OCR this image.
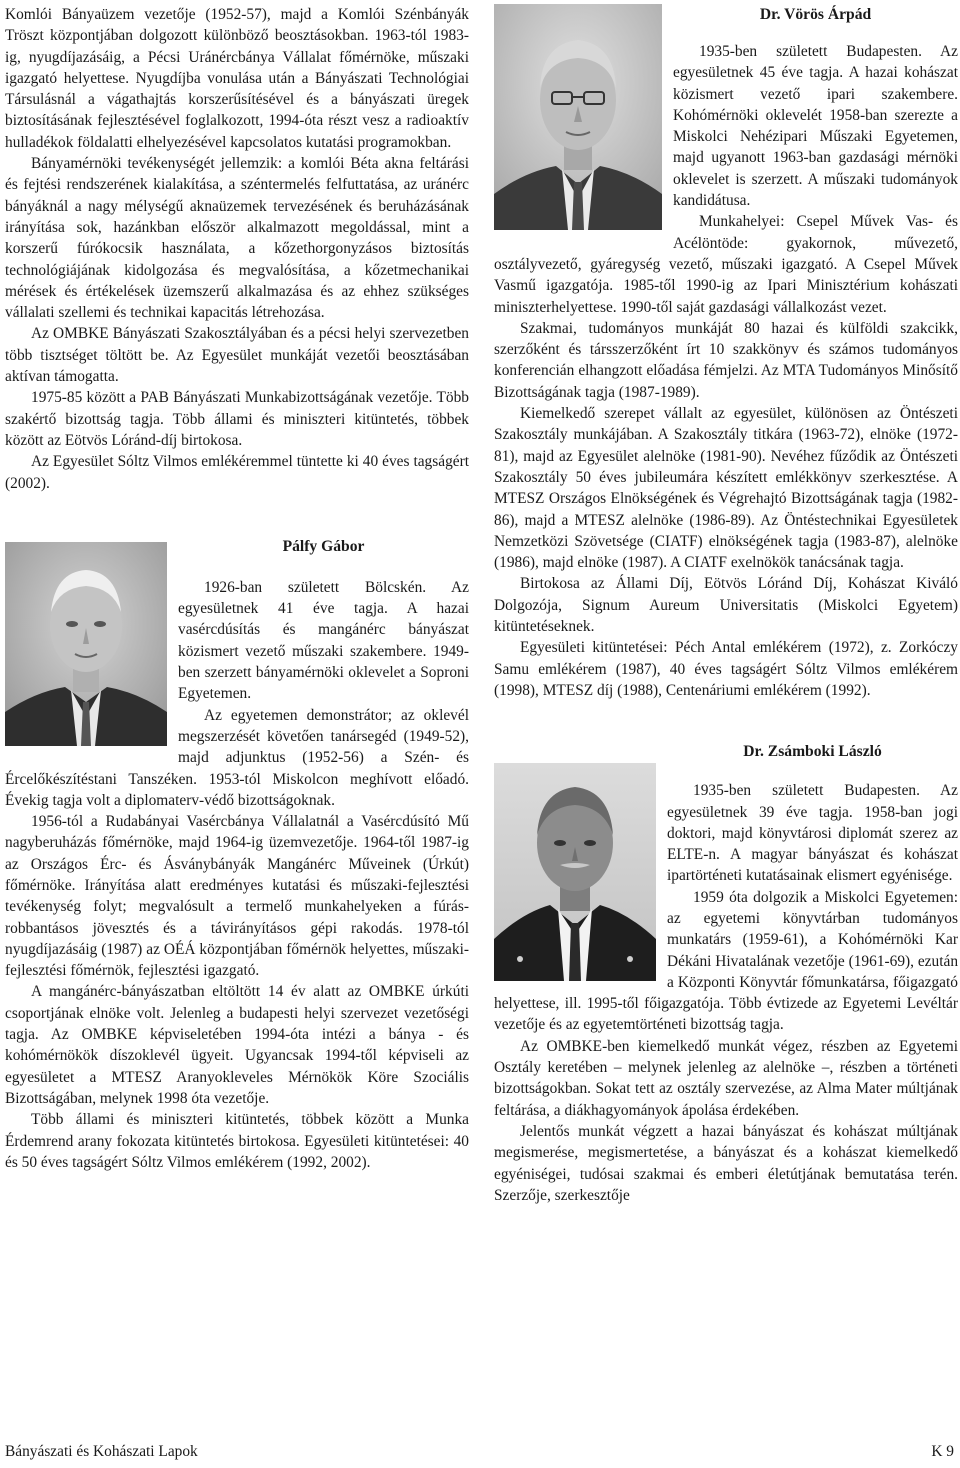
Komlói Bányaüzem vezetője (1952-57), majd a Komlói Szénbányák Tröszt központjában dolgozott különböző beosztásokban. 1963-tól 1983-ig, nyugdíjazásáig, a Pécsi Uránércbánya Vállalat főmérnöke, műszaki igazgató helyettese. Nyugdíjba vonulása után a Bányászati Technológiai Társulásnál a vágathajtás korszerűsítésével és a bányászati üregek biztosításának fejlesztésével foglalkozott, 1994-óta részt vesz a radioaktív hulladékok földalatti elhelyezésével kapcsolatos kutatási programokban.

Bányamérnöki tevékenységét jellemzik: a komlói Béta akna feltárási és fejtési rendszerének kialakítása, a széntermelés felfuttatása, az uránérc bányáknál a nagy mélységű aknaüzemek tervezésének és beruházásának irányítása sok, hazánkban először alkalmazott megoldással, mint a korszerű fúrókocsik használata, a kőzethorgonyzásos biztosítás technológiájának kidolgozása és megvalósítása, a kőzetmechanikai mérések és értékelések üzemszerű alkalmazása és az ehhez szükséges vállalati szellemi és technikai kapacitás létrehozása.

Az OMBKE Bányászati Szakosztályában és a pécsi helyi szervezetben több tisztséget töltött be. Az Egyesület munkáját vezetői beosztásában aktívan támogatta.

1975-85 között a PAB Bányászati Munkabizottságának vezetője. Több szakértő bizottság tagja. Több állami és miniszteri kitüntetés, többek között az Eötvös Lóránd-díj birtokosa.

Az Egyesület Sóltz Vilmos emlékéremmel tüntette ki 40 éves tagságért (2002).

Pálfy Gábor

1926-ban született Bölcskén. Az egyesületnek 41 éve tagja. A hazai vasércdúsítás és mangánérc bányászat közismert vezető műszaki szakembere. 1949-ben szerzett bányamérnöki oklevelet a Soproni Egyetemen.

Az egyetemen demonstrátor; az oklevél megszerzését követően tanársegéd (1949-52), majd adjunktus (1952-56) a Szén- és Ércelőkészítéstani Tanszéken. 1953-tól Miskolcon meghívott előadó. Évekig tagja volt a diplomaterv-védő bizottságoknak.

1956-tól a Rudabányai Vasércbánya Vállalatnál a Vasércdúsító Mű nagyberuházás főmérnöke, majd 1964-ig üzemvezetője. 1964-től 1987-ig az Országos Érc- és Ásványbányák Mangánérc Műveinek (Úrkút) főmérnöke. Irányítása alatt eredményes kutatási és műszaki-fejlesztési tevékenység folyt; megvalósult a termelő munkahelyeken a fúrás-robbantásos jövesztés és a távirányításos gépi rakodás. 1978-tól nyugdíjazásáig (1987) az OÉÁ központjában főmérnök helyettes, műszaki-fejlesztési főmérnök, fejlesztési igazgató.

A mangánérc-bányászatban eltöltött 14 év alatt az OMBKE úrkúti csoportjának elnöke volt. Jelenleg a budapesti helyi szervezet vezetőségi tagja. Az OMBKE képviseletében 1994-óta intézi a bánya - és kohómérnökök díszoklevél ügyeit. Ugyancsak 1994-től képviseli az egyesületet a MTESZ Aranyokleveles Mérnökök Köre Szociális Bizottságában, melynek 1998 óta vezetője.

Több állami és miniszteri kitüntetés, többek között a Munka Érdemrend arany fokozata kitüntetés birtokosa. Egyesületi kitüntetései: 40 és 50 éves tagságért Sóltz Vilmos emlékérem (1992, 2002).

Dr. Vörös Árpád

1935-ben született Budapesten. Az egyesületnek 45 éve tagja. A hazai kohászat közismert vezető ipari szakembere. Kohómérnöki oklevelét 1958-ban szerezte a Miskolci Nehézipari Műszaki Egyetemen, majd ugyanott 1963-ban gazdasági mérnöki oklevelet is szerzett. A műszaki tudományok kandidátusa.

Munkahelyei: Csepel Művek Vas- és Acélöntöde: gyakornok, művezető, osztályvezető, gyáregység vezető, műszaki igazgató. A Csepel Művek Vasmű igazgatója. 1985-től 1990-ig az Ipari Minisztérium kohászati miniszterhelyettese. 1990-től saját gazdasági vállalkozást vezet.

Szakmai, tudományos munkáját 80 hazai és külföldi szakcikk, szerzőként és társszerzőként írt 10 szakkönyv és számos tudományos konferencián elhangzott előadása fémjelzi. Az MTA Tudományos Minősítő Bizottságának tagja (1987-1989).

Kiemelkedő szerepet vállalt az egyesület, különösen az Öntészeti Szakosztály munkájában. A Szakosztály titkára (1963-72), elnöke (1972-81), majd az Egyesület alelnöke (1981-90). Nevéhez fűződik az Öntészeti Szakosztály 50 éves jubileumára készített emlékkönyv szerkesztése. A MTESZ Országos Elnökségének és Végrehajtó Bizottságának tagja (1982-86), majd a MTESZ alelnöke (1986-89). Az Öntéstechnikai Egyesületek Nemzetközi Szövetsége (CIATF) elnökségének tagja (1983-87), alelnöke (1986), majd elnöke (1987). A CIATF exelnökök tanácsának tagja.

Birtokosa az Állami Díj, Eötvös Lóránd Díj, Kohászat Kiváló Dolgozója, Signum Aureum Universitatis (Miskolci Egyetem) kitüntetéseknek.

Egyesületi kitüntetései: Péch Antal emlékérem (1972), z. Zorkóczy Samu emlékérem (1987), 40 éves tagságért Sóltz Vilmos emlékérem (1998), MTESZ díj (1988), Centenáriumi emlékérem (1992).

Dr. Zsámboki László

1935-ben született Budapesten. Az egyesületnek 39 éve tagja. 1958-ban jogi doktori, majd könyvtárosi diplomát szerez az ELTE-n. A magyar bányászat és kohászat ipartörténeti kutatásainak elismert egyénisége.

1959 óta dolgozik a Miskolci Egyetemen: az egyetemi könyvtárban tudományos munkatárs (1959-61), a Kohómérnöki Kar Dékáni Hivatalának vezetője (1961-69), ezután a Központi Könyvtár főmunkatársa, főigazgató helyettese, ill. 1995-től főigazgatója. Több évtizede az Egyetemi Levéltár vezetője és az egyetemtörténeti bizottság tagja.

Az OMBKE-ben kiemelkedő munkát végez, részben az Egyetemi Osztály keretében – melynek jelenleg az alelnöke –, részben a történeti bizottságokban. Sokat tett az osztály szervezése, az Alma Mater múltjának feltárása, a diákhagyományok ápolása érdekében.

Jelentős munkát végzett a hazai bányászat és kohászat múltjának megismerése, megismertetése, a bányászat és a kohászat kiemelkedő egyéniségei, tudósai szakmai és emberi életútjának bemutatása terén. Szerzője, szerkesztője

Bányászati és Kohászati Lapok	K 9
